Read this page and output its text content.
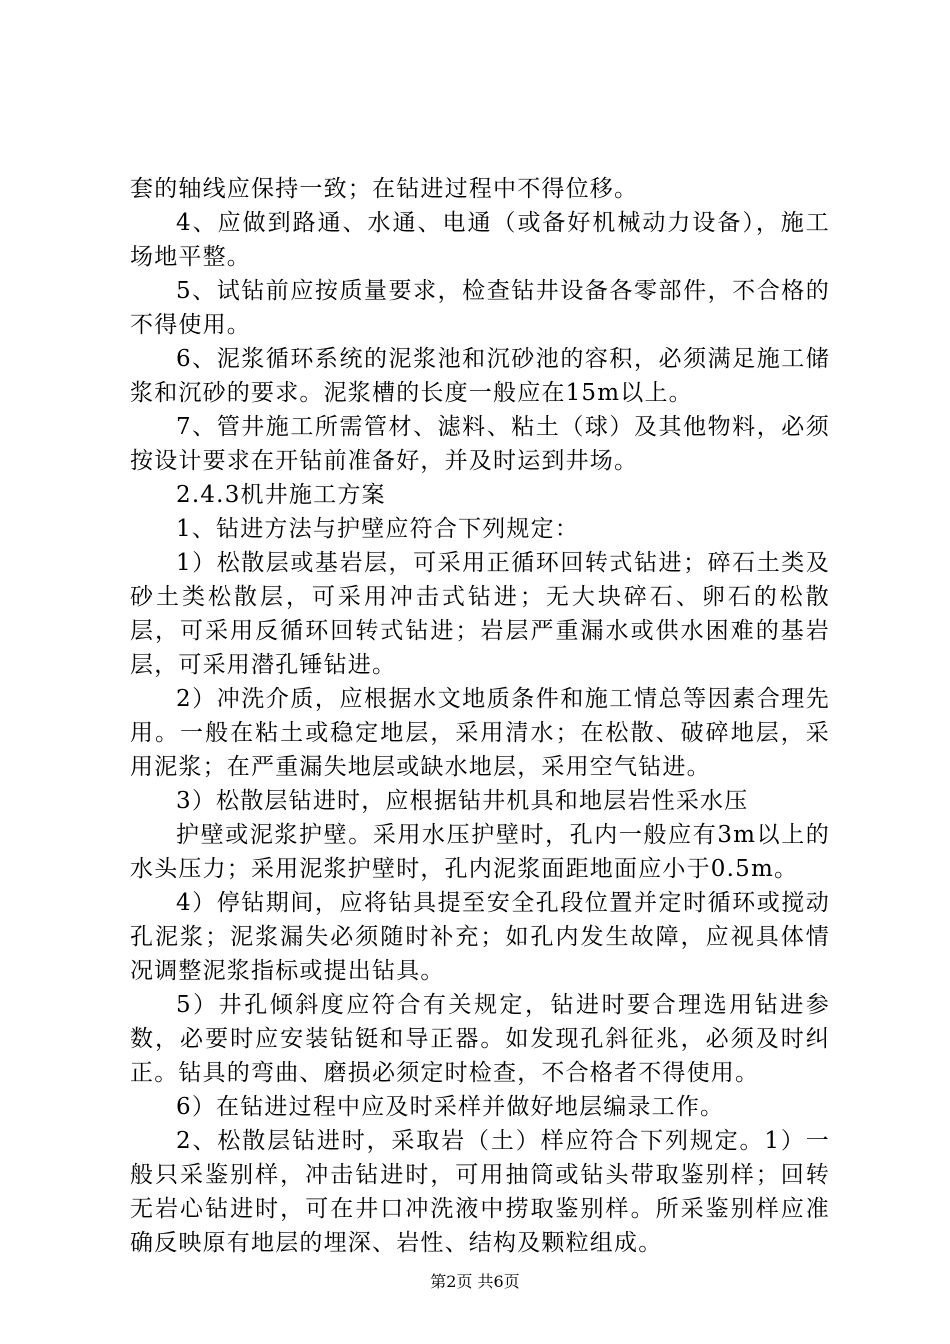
套的轴线应保持一致；在钻进过程中不得位移。

4、应做到路通、水通、电通（或备好机械动力设备），施工场地平整。

5、试钻前应按质量要求，检查钻井设备各零部件，不合格的不得使用。

6、泥浆循环系统的泥浆池和沉砂池的容积，必须满足施工储浆和沉砂的要求。泥浆槽的长度一般应在15m以上。

7、管井施工所需管材、滤料、粘土（球）及其他物料，必须按设计要求在开钻前准备好，并及时运到井场。

2.4.3机井施工方案

1、钻进方法与护壁应符合下列规定：

1）松散层或基岩层，可采用正循环回转式钻进；碎石土类及砂土类松散层，可采用冲击式钻进；无大块碎石、卵石的松散层，可采用反循环回转式钻进；岩层严重漏水或供水困难的基岩层，可采用潜孔锤钻进。

2）冲洗介质，应根据水文地质条件和施工情总等因素合理先用。一般在粘土或稳定地层，采用清水；在松散、破碎地层，采用泥浆；在严重漏失地层或缺水地层，采用空气钻进。

3）松散层钻进时，应根据钻井机具和地层岩性采水压

护壁或泥浆护壁。采用水压护壁时，孔内一般应有3m以上的水头压力；采用泥浆护壁时，孔内泥浆面距地面应小于0.5m。

4）停钻期间，应将钻具提至安全孔段位置并定时循环或搅动孔泥浆；泥浆漏失必须随时补充；如孔内发生故障，应视具体情况调整泥浆指标或提出钻具。

5）井孔倾斜度应符合有关规定，钻进时要合理选用钻进参数，必要时应安装钻铤和导正器。如发现孔斜征兆，必须及时纠正。钻具的弯曲、磨损必须定时检查，不合格者不得使用。

6）在钻进过程中应及时采样并做好地层编录工作。

2、松散层钻进时，采取岩（土）样应符合下列规定。1）一般只采鉴别样，冲击钻进时，可用抽筒或钻头带取鉴别样；回转无岩心钻进时，可在井口冲洗液中捞取鉴别样。所采鉴别样应准确反映原有地层的埋深、岩性、结构及颗粒组成。

第2页 共6页
